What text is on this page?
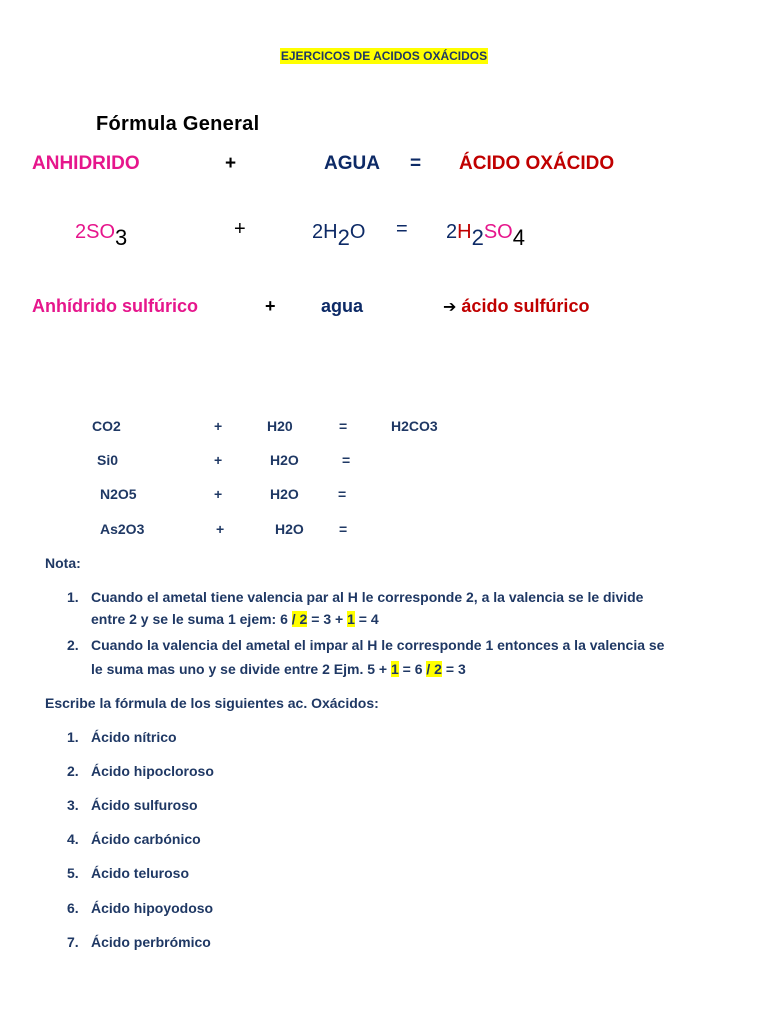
EJERCICOS DE ACIDOS OXÁCIDOS
Fórmula General
ANHIDRIDO	+	AGUA = ÁCIDO OXÁCIDO
2SO3	+	2H2O = 2H2SO4
Anhídrido sulfúrico	+	agua	➔ ácido sulfúrico
CO2	+	H20	=	H2CO3
Si0	+	H2O	=
N2O5	+	H2O	=
As2O3	+	H2O	=
Nota:
1. Cuando el ametal tiene valencia par al H le corresponde 2, a la valencia se le divide
entre 2 y se le suma 1 ejem: 6 / 2 = 3 + 1 = 4
2. Cuando la valencia del ametal el impar al H le corresponde 1 entonces a la valencia se
le suma mas uno y se divide entre 2 Ejm. 5 + 1 = 6 / 2 = 3
Escribe la fórmula de los siguientes ac. Oxácidos:
1. Ácido nítrico
2. Ácido hipocloroso
3. Ácido sulfuroso
4. Ácido carbónico
5. Ácido teluroso
6. Ácido hipoyodoso
7. Ácido perbrómico
